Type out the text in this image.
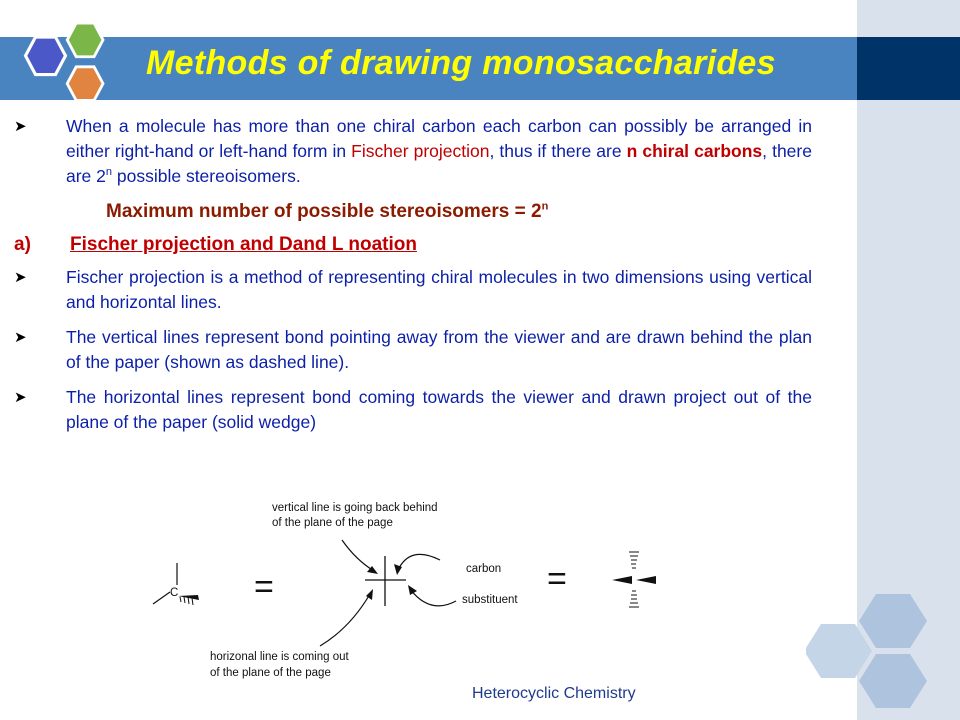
Methods of drawing monosaccharides
➤	When a molecule has more than one chiral carbon each carbon can possibly be arranged in either right-hand or left-hand form in Fischer projection, thus if there are n chiral carbons, there are 2$^n$ possible stereoisomers.
Maximum number of possible stereoisomers = $2^n$
a)	Fischer projection and Dand L noation
➤	Fischer projection is a method of representing chiral molecules in two dimensions using vertical and horizontal lines.
➤	The vertical lines represent bond pointing away from the viewer and are drawn behind the plan of the paper (shown as dashed line).
➤	The horizontal lines represent bond coming towards the viewer and drawn project out of the plane of the paper (solid wedge)
C =	=
vertical line is going back behind
of the plane of the page
carbon
substituent
horizonal line is coming out
of the plane of the page
Heterocyclic Chemistry
